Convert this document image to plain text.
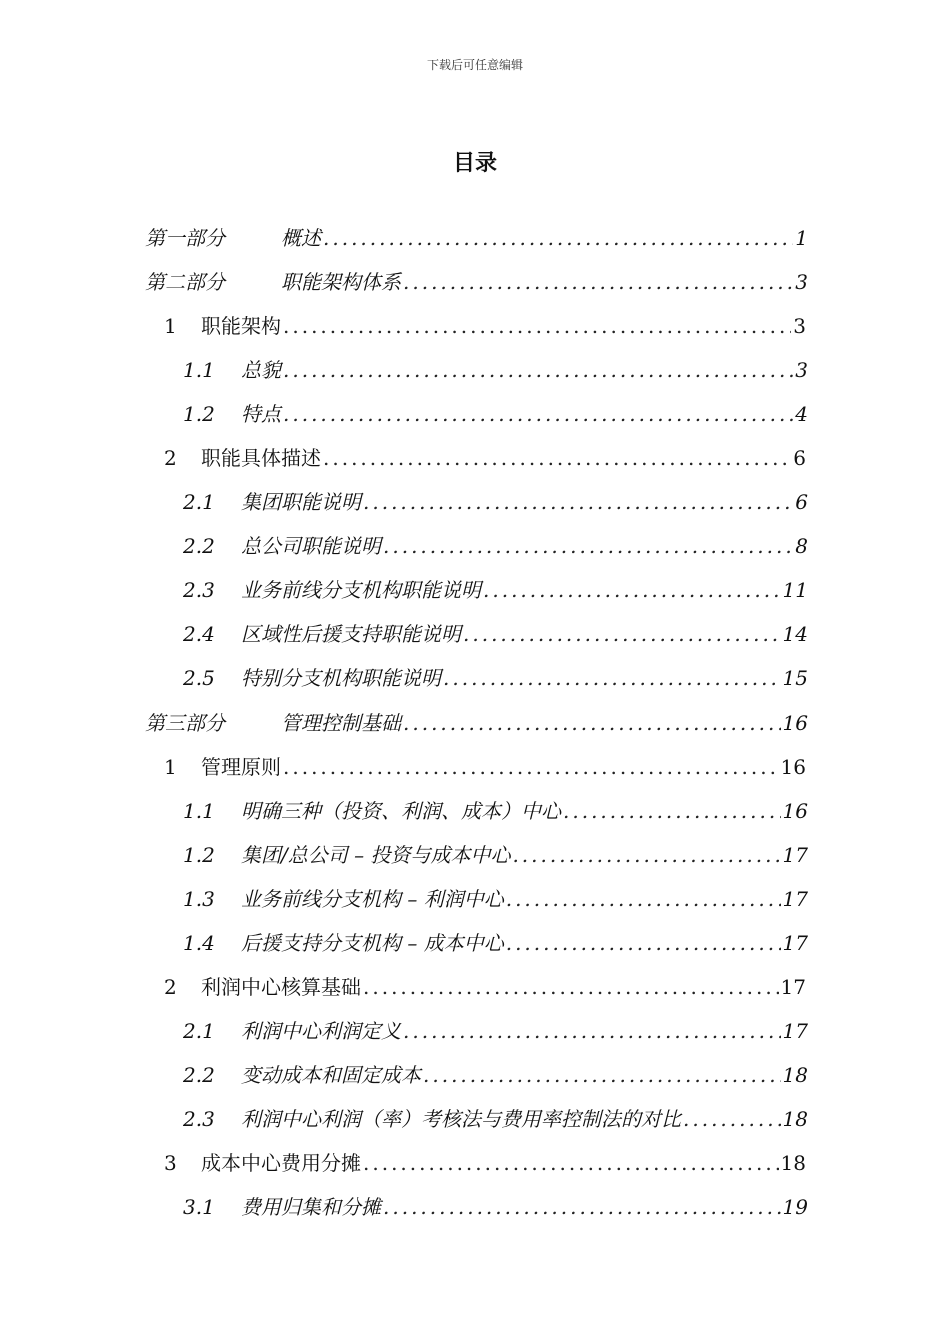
下载后可任意编辑
目录
第一部分	概述 .....	1
第二部分	职能架构体系 .....	3
1	职能架构 .....	3
1.1	总貌 .....	3
1.2	特点 .....	4
2	职能具体描述 .....	6
2.1	集团职能说明 .....	6
2.2	总公司职能说明 .....	8
2.3	业务前线分支机构职能说明 .....	11
2.4	区域性后援支持职能说明 .....	14
2.5	特别分支机构职能说明 .....	15
第三部分	管理控制基础 .....	16
1	管理原则 .....	16
1.1	明确三种（投资、利润、成本）中心 .....	16
1.2	集团/总公司 – 投资与成本中心 .....	17
1.3	业务前线分支机构 – 利润中心 .....	17
1.4	后援支持分支机构 – 成本中心 .....	17
2	利润中心核算基础 .....	17
2.1	利润中心利润定义 .....	17
2.2	变动成本和固定成本 .....	18
2.3	利润中心利润（率）考核法与费用率控制法的对比 .....	18
3	成本中心费用分摊 .....	18
3.1	费用归集和分摊 .....	19
